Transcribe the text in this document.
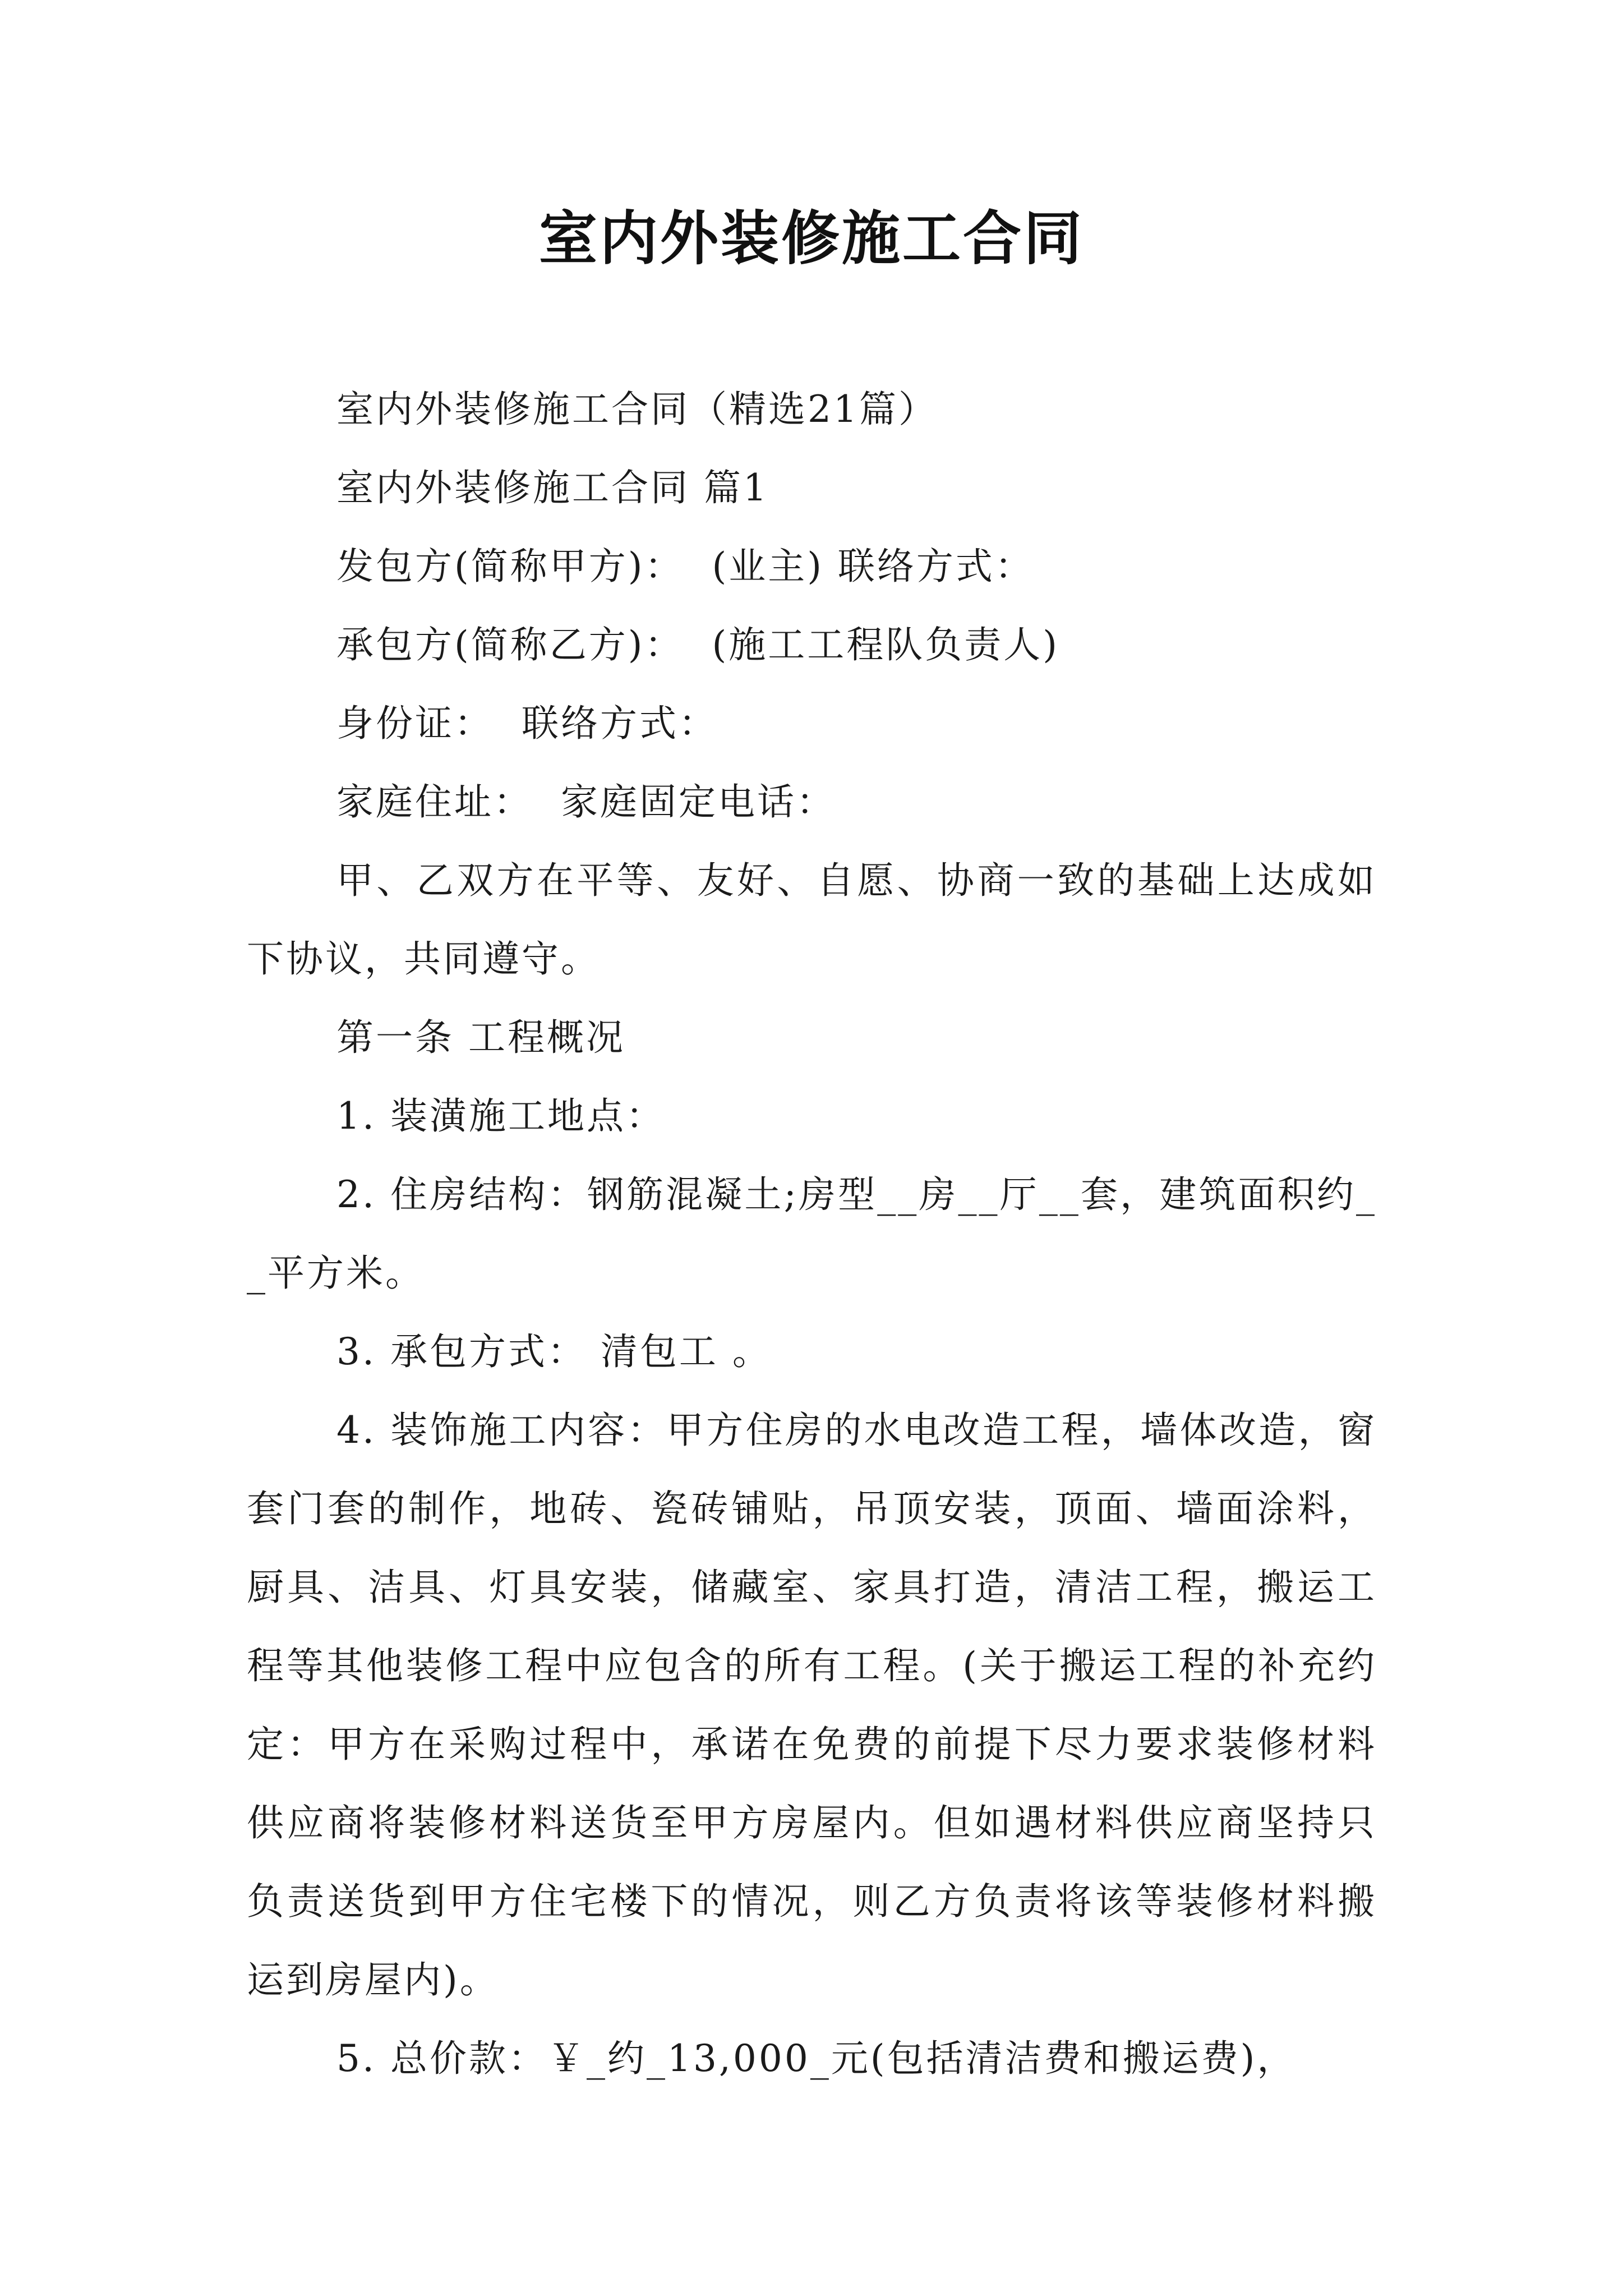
室内外装修施工合同

室内外装修施工合同（精选21篇）

室内外装修施工合同 篇1

发包方(简称甲方)：  (业主) 联络方式：

承包方(简称乙方)：  (施工工程队负责人)

身份证：  联络方式：

家庭住址：  家庭固定电话：

甲、乙双方在平等、友好、自愿、协商一致的基础上达成如下协议，共同遵守。

第一条 工程概况

1. 装潢施工地点：

2. 住房结构：钢筋混凝土;房型__房__厅__套，建筑面积约__平方米。

3. 承包方式： 清包工 。

4. 装饰施工内容：甲方住房的水电改造工程，墙体改造，窗套门套的制作，地砖、瓷砖铺贴，吊顶安装，顶面、墙面涂料，厨具、洁具、灯具安装，储藏室、家具打造，清洁工程，搬运工程等其他装修工程中应包含的所有工程。(关于搬运工程的补充约定：甲方在采购过程中，承诺在免费的前提下尽力要求装修材料供应商将装修材料送货至甲方房屋内。但如遇材料供应商坚持只负责送货到甲方住宅楼下的情况，则乙方负责将该等装修材料搬运到房屋内)。

5. 总价款：￥_约_13,000_元(包括清洁费和搬运费)，
